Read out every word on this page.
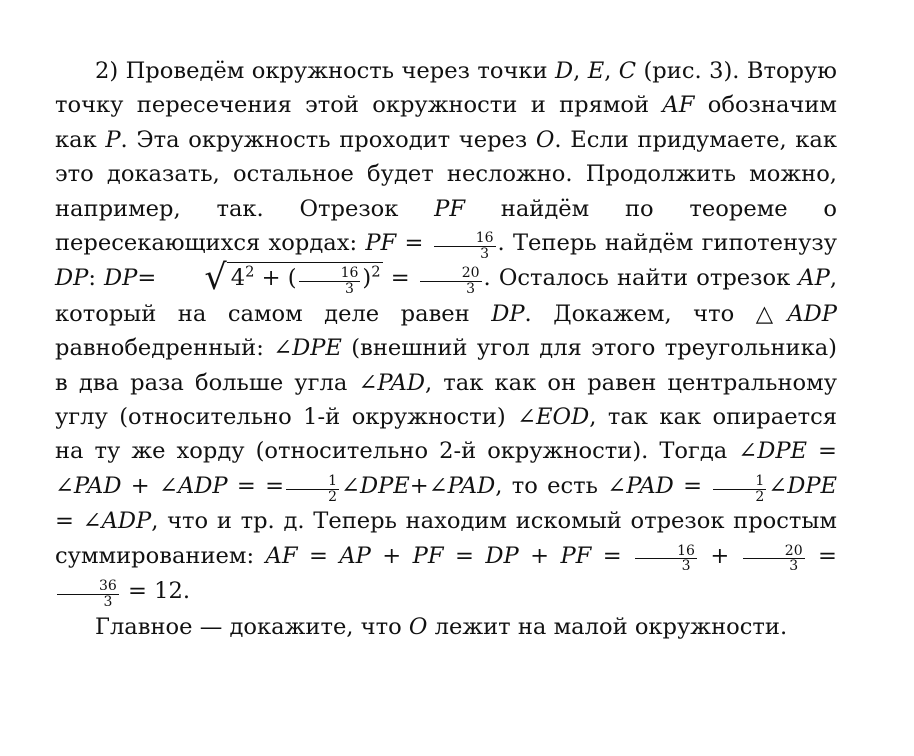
2) Проведём окружность через точки D, E, C (рис. 3). Вторую точку пересечения этой окружности и прямой AF обозначим как P. Эта окружность проходит через O. Если придумаете, как это доказать, остальное будет несложно. Продолжить можно, например, так. Отрезок PF найдём по теореме о пересекающихся хордах: PF = $\frac{16}{3}$ . Теперь найдём гипотенузу DP: DP= √ $4^2$ + ( $\frac{16}{3} )^2 = \frac{20}{3}$ . Осталось найти отрезок AP, который на самом деле равен DP. Докажем, что △ADP равнобедренный: ∠DPE (внешний угол для этого треугольника) в два раза больше угла ∠PAD, так как он равен центральному углу (относительно 1-й окружности) ∠EOD, так как опирается на ту же хорду (относительно 2-й окружности). Тогда ∠DPE = ∠PAD + ∠ADP = = $\frac{1}{2}$ ∠DPE+∠PAD, то есть ∠PAD = $\frac{1}{2}$ ∠DPE = ∠ADP, что и тр. д. Теперь находим искомый отрезок простым суммированием: AF = AP + PF = DP + PF = $\frac{16}{3} + \frac{20}{3}$ =
$\frac{36}{3} = 12$.

Главное — докажите, что O лежит на малой окружности.
